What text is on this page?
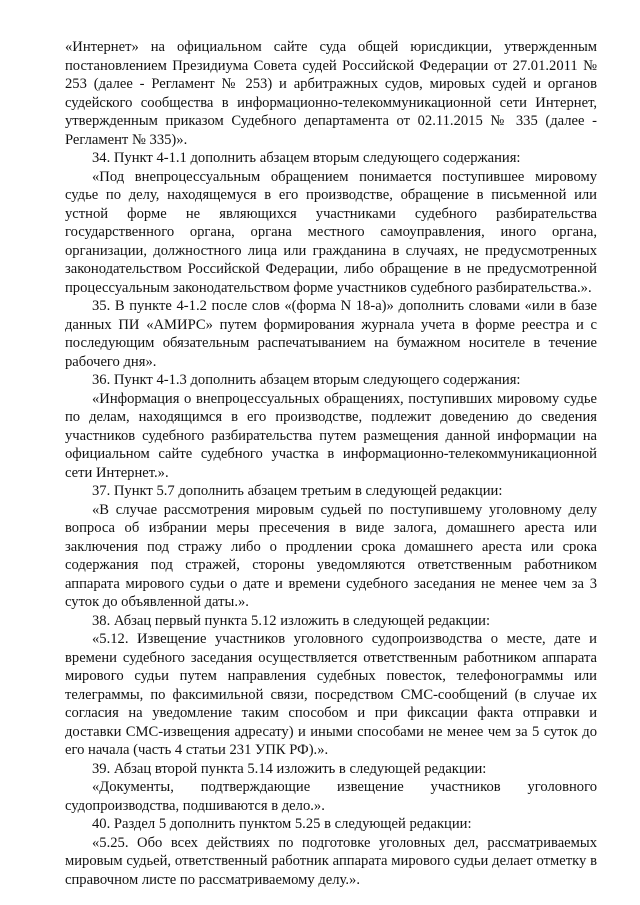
«Интернет» на официальном сайте суда общей юрисдикции, утвержденным постановлением Президиума Совета судей Российской Федерации от 27.01.2011 № 253 (далее - Регламент № 253) и арбитражных судов, мировых судей и органов судейского сообщества в информационно-телекоммуникационной сети Интернет, утвержденным приказом Судебного департамента от 02.11.2015 № 335 (далее - Регламент № 335)».

34. Пункт 4-1.1 дополнить абзацем вторым следующего содержания:

«Под внепроцессуальным обращением понимается поступившее мировому судье по делу, находящемуся в его производстве, обращение в письменной или устной форме не являющихся участниками судебного разбирательства государственного органа, органа местного самоуправления, иного органа, организации, должностного лица или гражданина в случаях, не предусмотренных законодательством Российской Федерации, либо обращение в не предусмотренной процессуальным законодательством форме участников судебного разбирательства.».

35. В пункте 4-1.2 после слов «(форма N 18-а)» дополнить словами «или в базе данных ПИ «АМИРС» путем формирования журнала учета в форме реестра и с последующим обязательным распечатыванием на бумажном носителе в течение рабочего дня».

36. Пункт 4-1.3 дополнить абзацем вторым следующего содержания:

«Информация о внепроцессуальных обращениях, поступивших мировому судье по делам, находящимся в его производстве, подлежит доведению до сведения участников судебного разбирательства путем размещения данной информации на официальном сайте судебного участка в информационно-телекоммуникационной сети Интернет.».

37. Пункт 5.7 дополнить абзацем третьим в следующей редакции:

«В случае рассмотрения мировым судьей по поступившему уголовному делу вопроса об избрании меры пресечения в виде залога, домашнего ареста или заключения под стражу либо о продлении срока домашнего ареста или срока содержания под стражей, стороны уведомляются ответственным работником аппарата мирового судьи о дате и времени судебного заседания не менее чем за 3 суток до объявленной даты.».

38. Абзац первый пункта 5.12 изложить в следующей редакции:

«5.12. Извещение участников уголовного судопроизводства о месте, дате и времени судебного заседания осуществляется ответственным работником аппарата мирового судьи путем направления судебных повесток, телефонограммы или телеграммы, по факсимильной связи, посредством СМС-сообщений (в случае их согласия на уведомление таким способом и при фиксации факта отправки и доставки СМС-извещения адресату) и иными способами не менее чем за 5 суток до его начала (часть 4 статьи 231 УПК РФ).».

39. Абзац второй пункта 5.14 изложить в следующей редакции:

«Документы, подтверждающие извещение участников уголовного судопроизводства, подшиваются в дело.».

40. Раздел 5 дополнить пунктом 5.25 в следующей редакции:

«5.25. Обо всех действиях по подготовке уголовных дел, рассматриваемых мировым судьей, ответственный работник аппарата мирового судьи делает отметку в справочном листе по рассматриваемому делу.».
